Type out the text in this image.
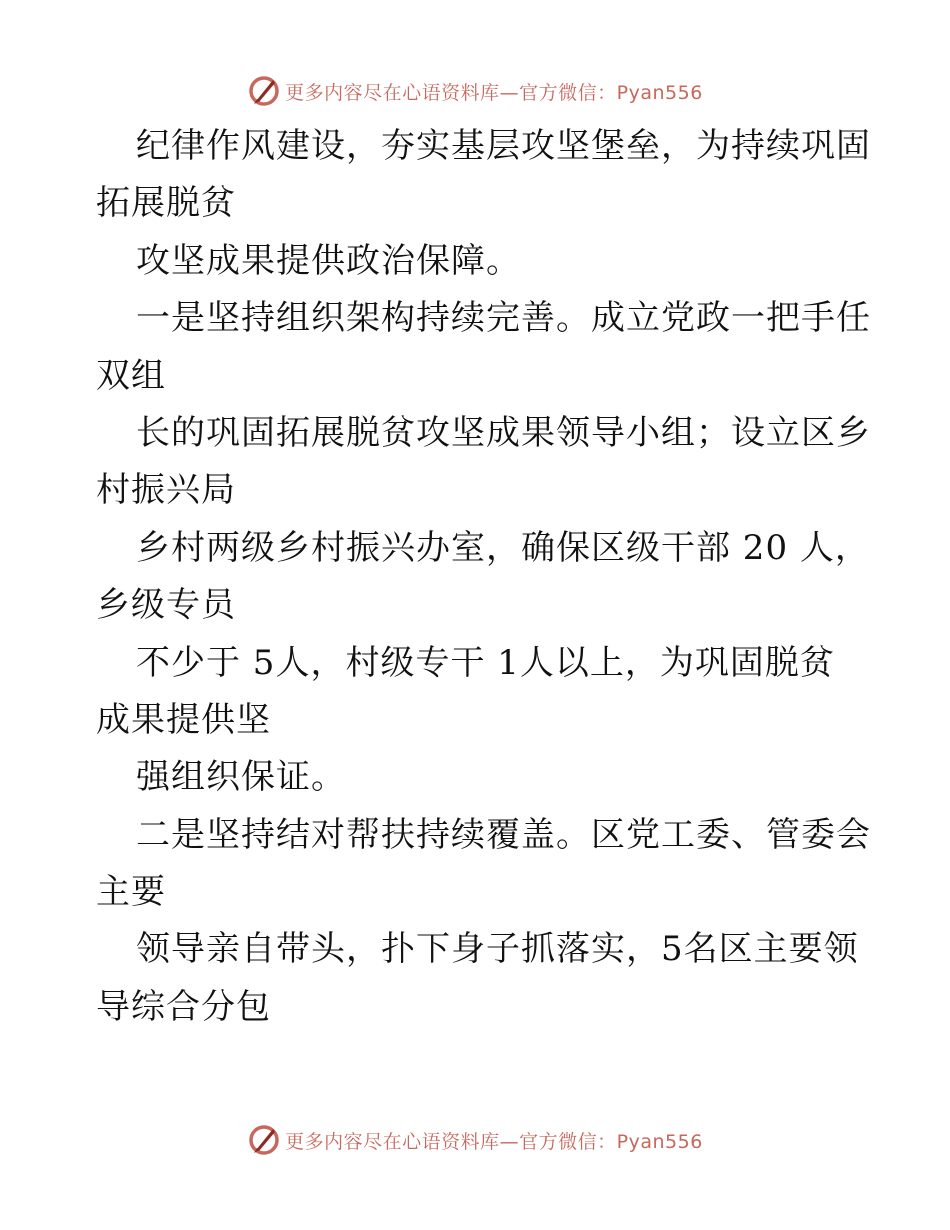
更多内容尽在心语资料库—官方微信：Pyan556
纪律作风建设，夯实基层攻坚堡垒，为持续巩固
拓展脱贫
攻坚成果提供政治保障。
一是坚持组织架构持续完善。成立党政一把手任
双组
长的巩固拓展脱贫攻坚成果领导小组；设立区乡
村振兴局
乡村两级乡村振兴办室，确保区级干部 20 人，
乡级专员
不少于 5人，村级专干 1人以上，为巩固脱贫
成果提供坚
强组织保证。
二是坚持结对帮扶持续覆盖。区党工委、管委会
主要
领导亲自带头，扑下身子抓落实，5名区主要领
导综合分包
更多内容尽在心语资料库—官方微信：Pyan556
